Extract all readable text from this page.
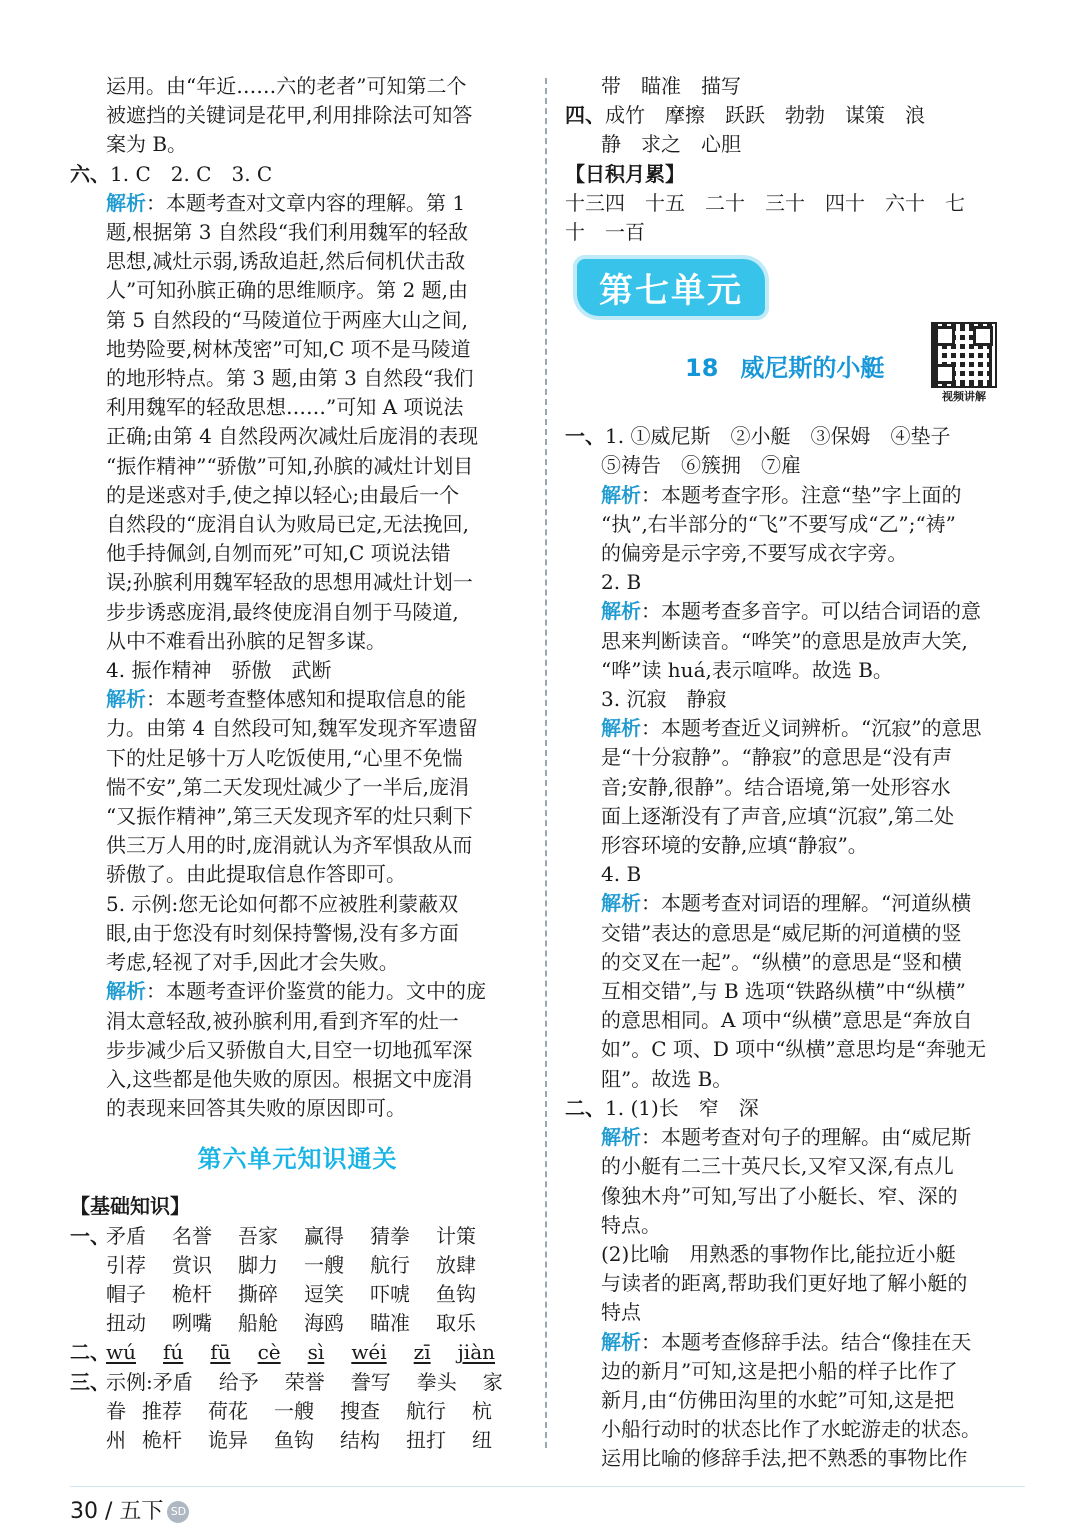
运用。由“年近……六的老者”可知第二个
被遮挡的关键词是花甲,利用排除法可知答
案为 B。
六、1. C　2. C　3. C
解析：本题考查对文章内容的理解。第 1
题,根据第 3 自然段“我们利用魏军的轻敌
思想,减灶示弱,诱敌追赶,然后伺机伏击敌
人”可知孙膑正确的思维顺序。第 2 题,由
第 5 自然段的“马陵道位于两座大山之间,
地势险要,树林茂密”可知,C 项不是马陵道
的地形特点。第 3 题,由第 3 自然段“我们
利用魏军的轻敌思想……”可知 A 项说法
正确;由第 4 自然段两次减灶后庞涓的表现
“振作精神”“骄傲”可知,孙膑的减灶计划目
的是迷惑对手,使之掉以轻心;由最后一个
自然段的“庞涓自认为败局已定,无法挽回,
他手持佩剑,自刎而死”可知,C 项说法错
误;孙膑利用魏军轻敌的思想用减灶计划一
步步诱惑庞涓,最终使庞涓自刎于马陵道,
从中不难看出孙膑的足智多谋。
4. 振作精神　骄傲　武断
解析：本题考查整体感知和提取信息的能
力。由第 4 自然段可知,魏军发现齐军遗留
下的灶足够十万人吃饭使用,“心里不免惴
惴不安”,第二天发现灶减少了一半后,庞涓
“又振作精神”,第三天发现齐军的灶只剩下
供三万人用的时,庞涓就认为齐军惧敌从而
骄傲了。由此提取信息作答即可。
5. 示例:您无论如何都不应被胜利蒙蔽双
眼,由于您没有时刻保持警惕,没有多方面
考虑,轻视了对手,因此才会失败。
解析：本题考查评价鉴赏的能力。文中的庞
涓太意轻敌,被孙膑利用,看到齐军的灶一
步步减少后又骄傲自大,目空一切地孤军深
入,这些都是他失败的原因。根据文中庞涓
的表现来回答其失败的原因即可。
第六单元知识通关
【基础知识】
一、
矛盾	名誉	吾家	赢得	猜拳	计策
引荐	赏识	脚力	一艘	航行	放肆
帽子	桅杆	撕碎	逗笑	吓唬	鱼钩
扭动	咧嘴	船舱	海鸥	瞄准	取乐
二、
wú fú fū cè sì wéi zī jiàn
三、
示例: 矛盾	给予	荣誉	誊写	拳头	家
眷 推荐	荷花	一艘	搜查	航行	杭
州 桅杆	诡异	鱼钩	结构	扭打	纽
带　瞄准　描写
四、成竹　摩擦　跃跃　勃勃　谋策　浪
静　求之　心胆
【日积月累】
十三四　十五　二十　三十　四十　六十　七
十　一百
第七单元
18 威尼斯的小艇
视频讲解
一、1. ①威尼斯　②小艇　③保姆　④垫子
⑤祷告　⑥簇拥　⑦雇
解析：本题考查字形。注意“垫”字上面的
“执”,右半部分的“飞”不要写成“乙”;“祷”
的偏旁是示字旁,不要写成衣字旁。
2. B
解析：本题考查多音字。可以结合词语的意
思来判断读音。“哗笑”的意思是放声大笑,
“哗”读 huá,表示喧哗。故选 B。
3. 沉寂　静寂
解析：本题考查近义词辨析。“沉寂”的意思
是“十分寂静”。“静寂”的意思是“没有声
音;安静,很静”。结合语境,第一处形容水
面上逐渐没有了声音,应填“沉寂”,第二处
形容环境的安静,应填“静寂”。
4. B
解析：本题考查对词语的理解。“河道纵横
交错”表达的意思是“威尼斯的河道横的竖
的交叉在一起”。“纵横”的意思是“竖和横
互相交错”,与 B 选项“铁路纵横”中“纵横”
的意思相同。A 项中“纵横”意思是“奔放自
如”。C 项、D 项中“纵横”意思均是“奔驰无
阻”。故选 B。
二、1. (1)长　窄　深
解析：本题考查对句子的理解。由“威尼斯
的小艇有二三十英尺长,又窄又深,有点儿
像独木舟”可知,写出了小艇长、窄、深的
特点。
(2)比喻　用熟悉的事物作比,能拉近小艇
与读者的距离,帮助我们更好地了解小艇的
特点
解析：本题考查修辞手法。结合“像挂在天
边的新月”可知,这是把小船的样子比作了
新月,由“仿佛田沟里的水蛇”可知,这是把
小船行动时的状态比作了水蛇游走的状态。
运用比喻的修辞手法,把不熟悉的事物比作
30 / 五下 SD
